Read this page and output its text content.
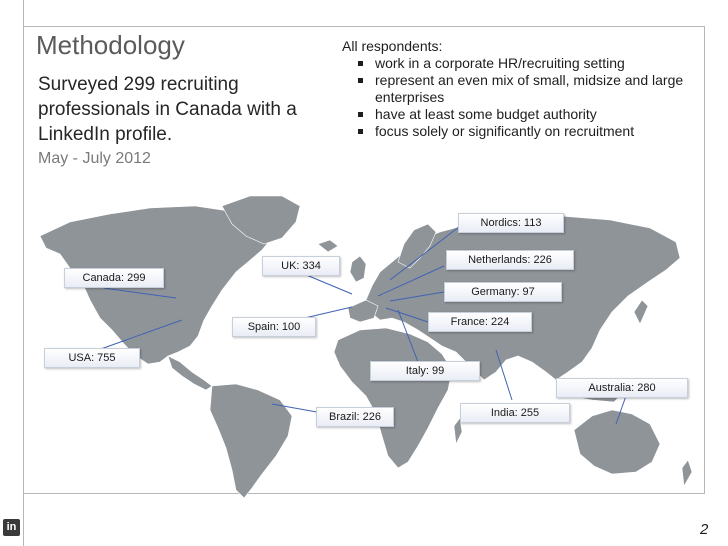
Methodology
Surveyed 299 recruiting professionals in Canada with a LinkedIn profile.
May - July 2012
All respondents:
work in a corporate HR/recruiting setting
represent an even mix of small, midsize and large enterprises
have at least some budget authority
focus solely or significantly on recruitment
Nordics: 113
Netherlands: 226
UK: 334
Canada: 299
Germany: 97
Spain: 100	France: 224
USA: 755
Italy: 99
Australia: 280
Brazil: 226	India: 255
in	2
